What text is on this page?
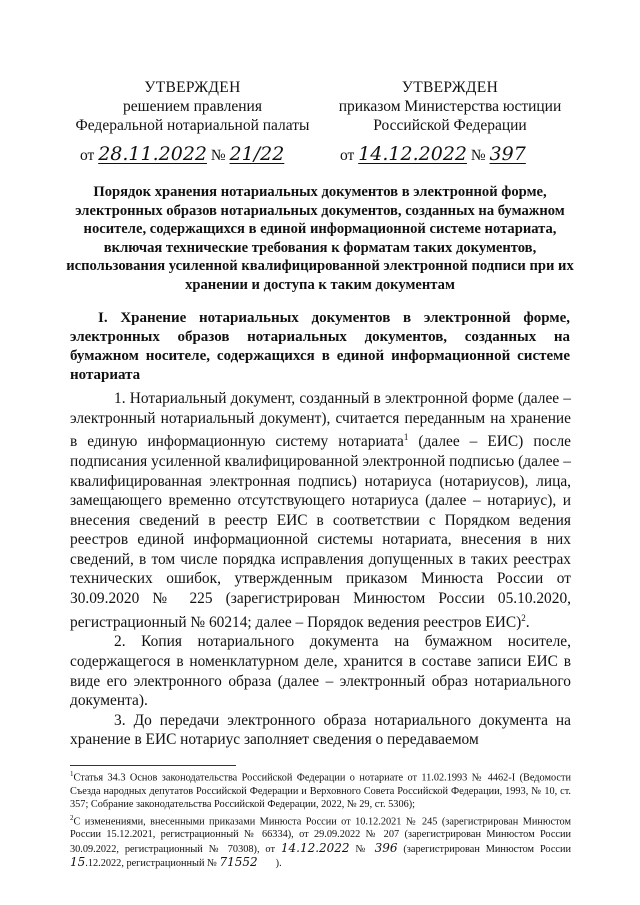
УТВЕРЖДЕН
решением правления
Федеральной нотариальной палаты
УТВЕРЖДЕН
приказом Министерства юстиции
Российской Федерации
от 28.11.2022 № 21/22	от 14.12.2022 № 397
Порядок хранения нотариальных документов в электронной форме, электронных образов нотариальных документов, созданных на бумажном носителе, содержащихся в единой информационной системе нотариата, включая технические требования к форматам таких документов, использования усиленной квалифицированной электронной подписи при их хранении и доступа к таким документам
I. Хранение нотариальных документов в электронной форме, электронных образов нотариальных документов, созданных на бумажном носителе, содержащихся в единой информационной системе нотариата

1. Нотариальный документ, созданный в электронной форме (далее – электронный нотариальный документ), считается переданным на хранение в единую информационную систему нотариата$^1$ (далее – ЕИС) после подписания усиленной квалифицированной электронной подписью (далее – квалифицированная электронная подпись) нотариуса (нотариусов), лица, замещающего временно отсутствующего нотариуса (далее – нотариус), и внесения сведений в реестр ЕИС в соответствии с Порядком ведения реестров единой информационной системы нотариата, внесения в них сведений, в том числе порядка исправления допущенных в таких реестрах технических ошибок, утвержденным приказом Минюста России от 30.09.2020 № 225 (зарегистрирован Минюстом России 05.10.2020, регистрационный № 60214; далее – Порядок ведения реестров ЕИС)$^2$.

2. Копия нотариального документа на бумажном носителе, содержащегося в номенклатурном деле, хранится в составе записи ЕИС в виде его электронного образа (далее – электронный образ нотариального документа).

3. До передачи электронного образа нотариального документа на хранение в ЕИС нотариус заполняет сведения о передаваемом

$^1$Статья 34.3 Основ законодательства Российской Федерации о нотариате от 11.02.1993 № 4462-I (Ведомости Съезда народных депутатов Российской Федерации и Верховного Совета Российской Федерации, 1993, № 10, ст. 357; Собрание законодательства Российской Федерации, 2022, № 29, ст. 5306);

$^2$С изменениями, внесенными приказами Минюста России от 10.12.2021 № 245 (зарегистрирован Минюстом России 15.12.2021, регистрационный № 66334), от 29.09.2022 № 207 (зарегистрирован Минюстом России 30.09.2022, регистрационный № 70308), от 14.12.2022 № 396 (зарегистрирован Минюстом России 15.12.2022, регистрационный № 71552       ).
